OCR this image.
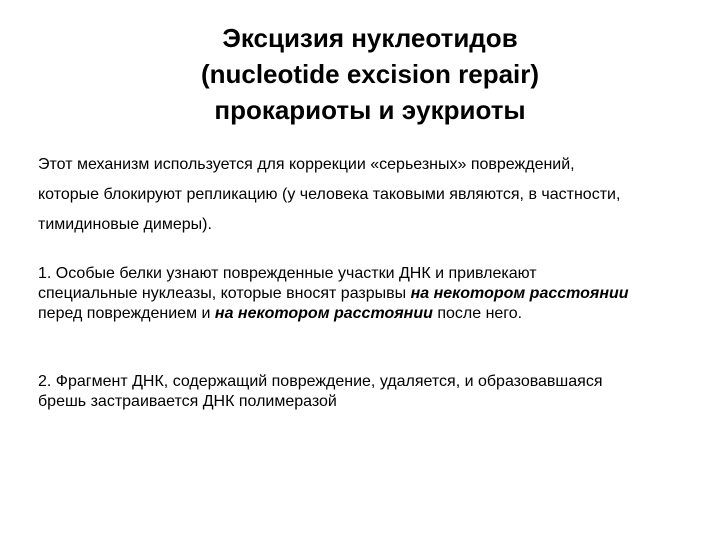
Эксцизия нуклеотидов
(nucleotide excision repair)
прокариоты и эукриоты
Этот механизм используется для коррекции «серьезных» повреждений,
которые блокируют репликацию (у человека таковыми являются, в частности,
тимидиновые димеры).
1. Особые белки узнают поврежденные участки ДНК и привлекают
специальные нуклеазы, которые вносят разрывы на некотором расстоянии
перед повреждением и на некотором расстоянии после него.
2. Фрагмент ДНК, содержащий повреждение, удаляется, и образовавшаяся
брешь застраивается ДНК полимеразой
